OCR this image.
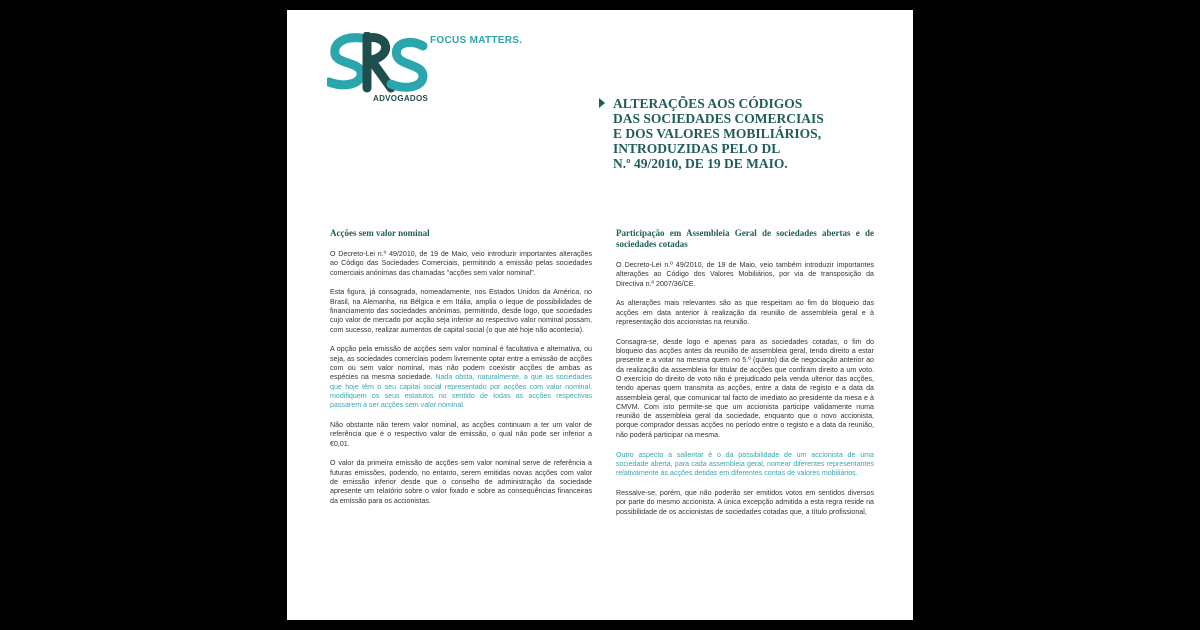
ADVOGADOS
FOCUS MATTERS.
ALTERAÇÕES AOS CÓDIGOS
DAS SOCIEDADES COMERCIAIS
E DOS VALORES MOBILIÁRIOS,
INTRODUZIDAS PELO DL
N.º 49/2010, DE 19 DE MAIO.
Acções sem valor nominal

O Decreto-Lei n.º 49/2010, de 19 de Maio, veio introduzir importantes alterações ao Código das Sociedades Comerciais, permitindo a emissão pelas sociedades comerciais anónimas das chamadas "acções sem valor nominal".

Esta figura, já consagrada, nomeadamente, nos Estados Unidos da América, no Brasil, na Alemanha, na Bélgica e em Itália, amplia o leque de possibilidades de financiamento das sociedades anónimas, permitindo, desde logo, que sociedades cujo valor de mercado por acção seja inferior ao respectivo valor nominal possam, com sucesso, realizar aumentos de capital social (o que até hoje não acontecia).

A opção pela emissão de acções sem valor nominal é facultativa e alternativa, ou seja, as sociedades comerciais podem livremente optar entre a emissão de acções com ou sem valor nominal, mas não podem coexistir acções de ambas as espécies na mesma sociedade. Nada obsta, naturalmente, a que as sociedades que hoje têm o seu capital social representado por acções com valor nominal, modifiquem os seus estatutos no sentido de todas as acções respectivas passarem a ser acções sem valor nominal.

Não obstante não terem valor nominal, as acções continuam a ter um valor de referência que é o respectivo valor de emissão, o qual não pode ser inferior a €0,01.

O valor da primeira emissão de acções sem valor nominal serve de referência a futuras emissões, podendo, no entanto, serem emitidas novas acções com valor de emissão inferior desde que o conselho de administração da sociedade apresente um relatório sobre o valor fixado e sobre as consequências financeiras da emissão para os accionistas.

Participação em Assembleia Geral de sociedades abertas e de sociedades cotadas

O Decreto-Lei n.º 49/2010, de 19 de Maio, veio também introduzir importantes alterações ao Código dos Valores Mobiliários, por via de transposição da Directiva n.º 2007/36/CE.

As alterações mais relevantes são as que respeitam ao fim do bloqueio das acções em data anterior à realização da reunião de assembleia geral e à representação dos accionistas na reunião.

Consagra-se, desde logo e apenas para as sociedades cotadas, o fim do bloqueio das acções antes da reunião de assembleia geral, tendo direito a estar presente e a votar na mesma quem no 5.º (quinto) dia de negociação anterior ao da realização da assembleia for titular de acções que confiram direito a um voto. O exercício do direito de voto não é prejudicado pela venda ulterior das acções, tendo apenas quem transmita as acções, entre a data de registo e a data da assembleia geral, que comunicar tal facto de imediato ao presidente da mesa e à CMVM. Com isto permite-se que um accionista participe validamente numa reunião de assembleia geral da sociedade, enquanto que o novo accionista, porque comprador dessas acções no período entre o registo e a data da reunião, não poderá participar na mesma.

Outro aspecto a salientar é o da possibilidade de um accionista de uma sociedade aberta, para cada assembleia geral, nomear diferentes representantes relativamente às acções detidas em diferentes contas de valores mobiliários.

Ressalve-se, porém, que não poderão ser emitidos votos em sentidos diversos por parte do mesmo accionista. A única excepção admitida a esta regra reside na possibilidade de os accionistas de sociedades cotadas que, a título profissional,
